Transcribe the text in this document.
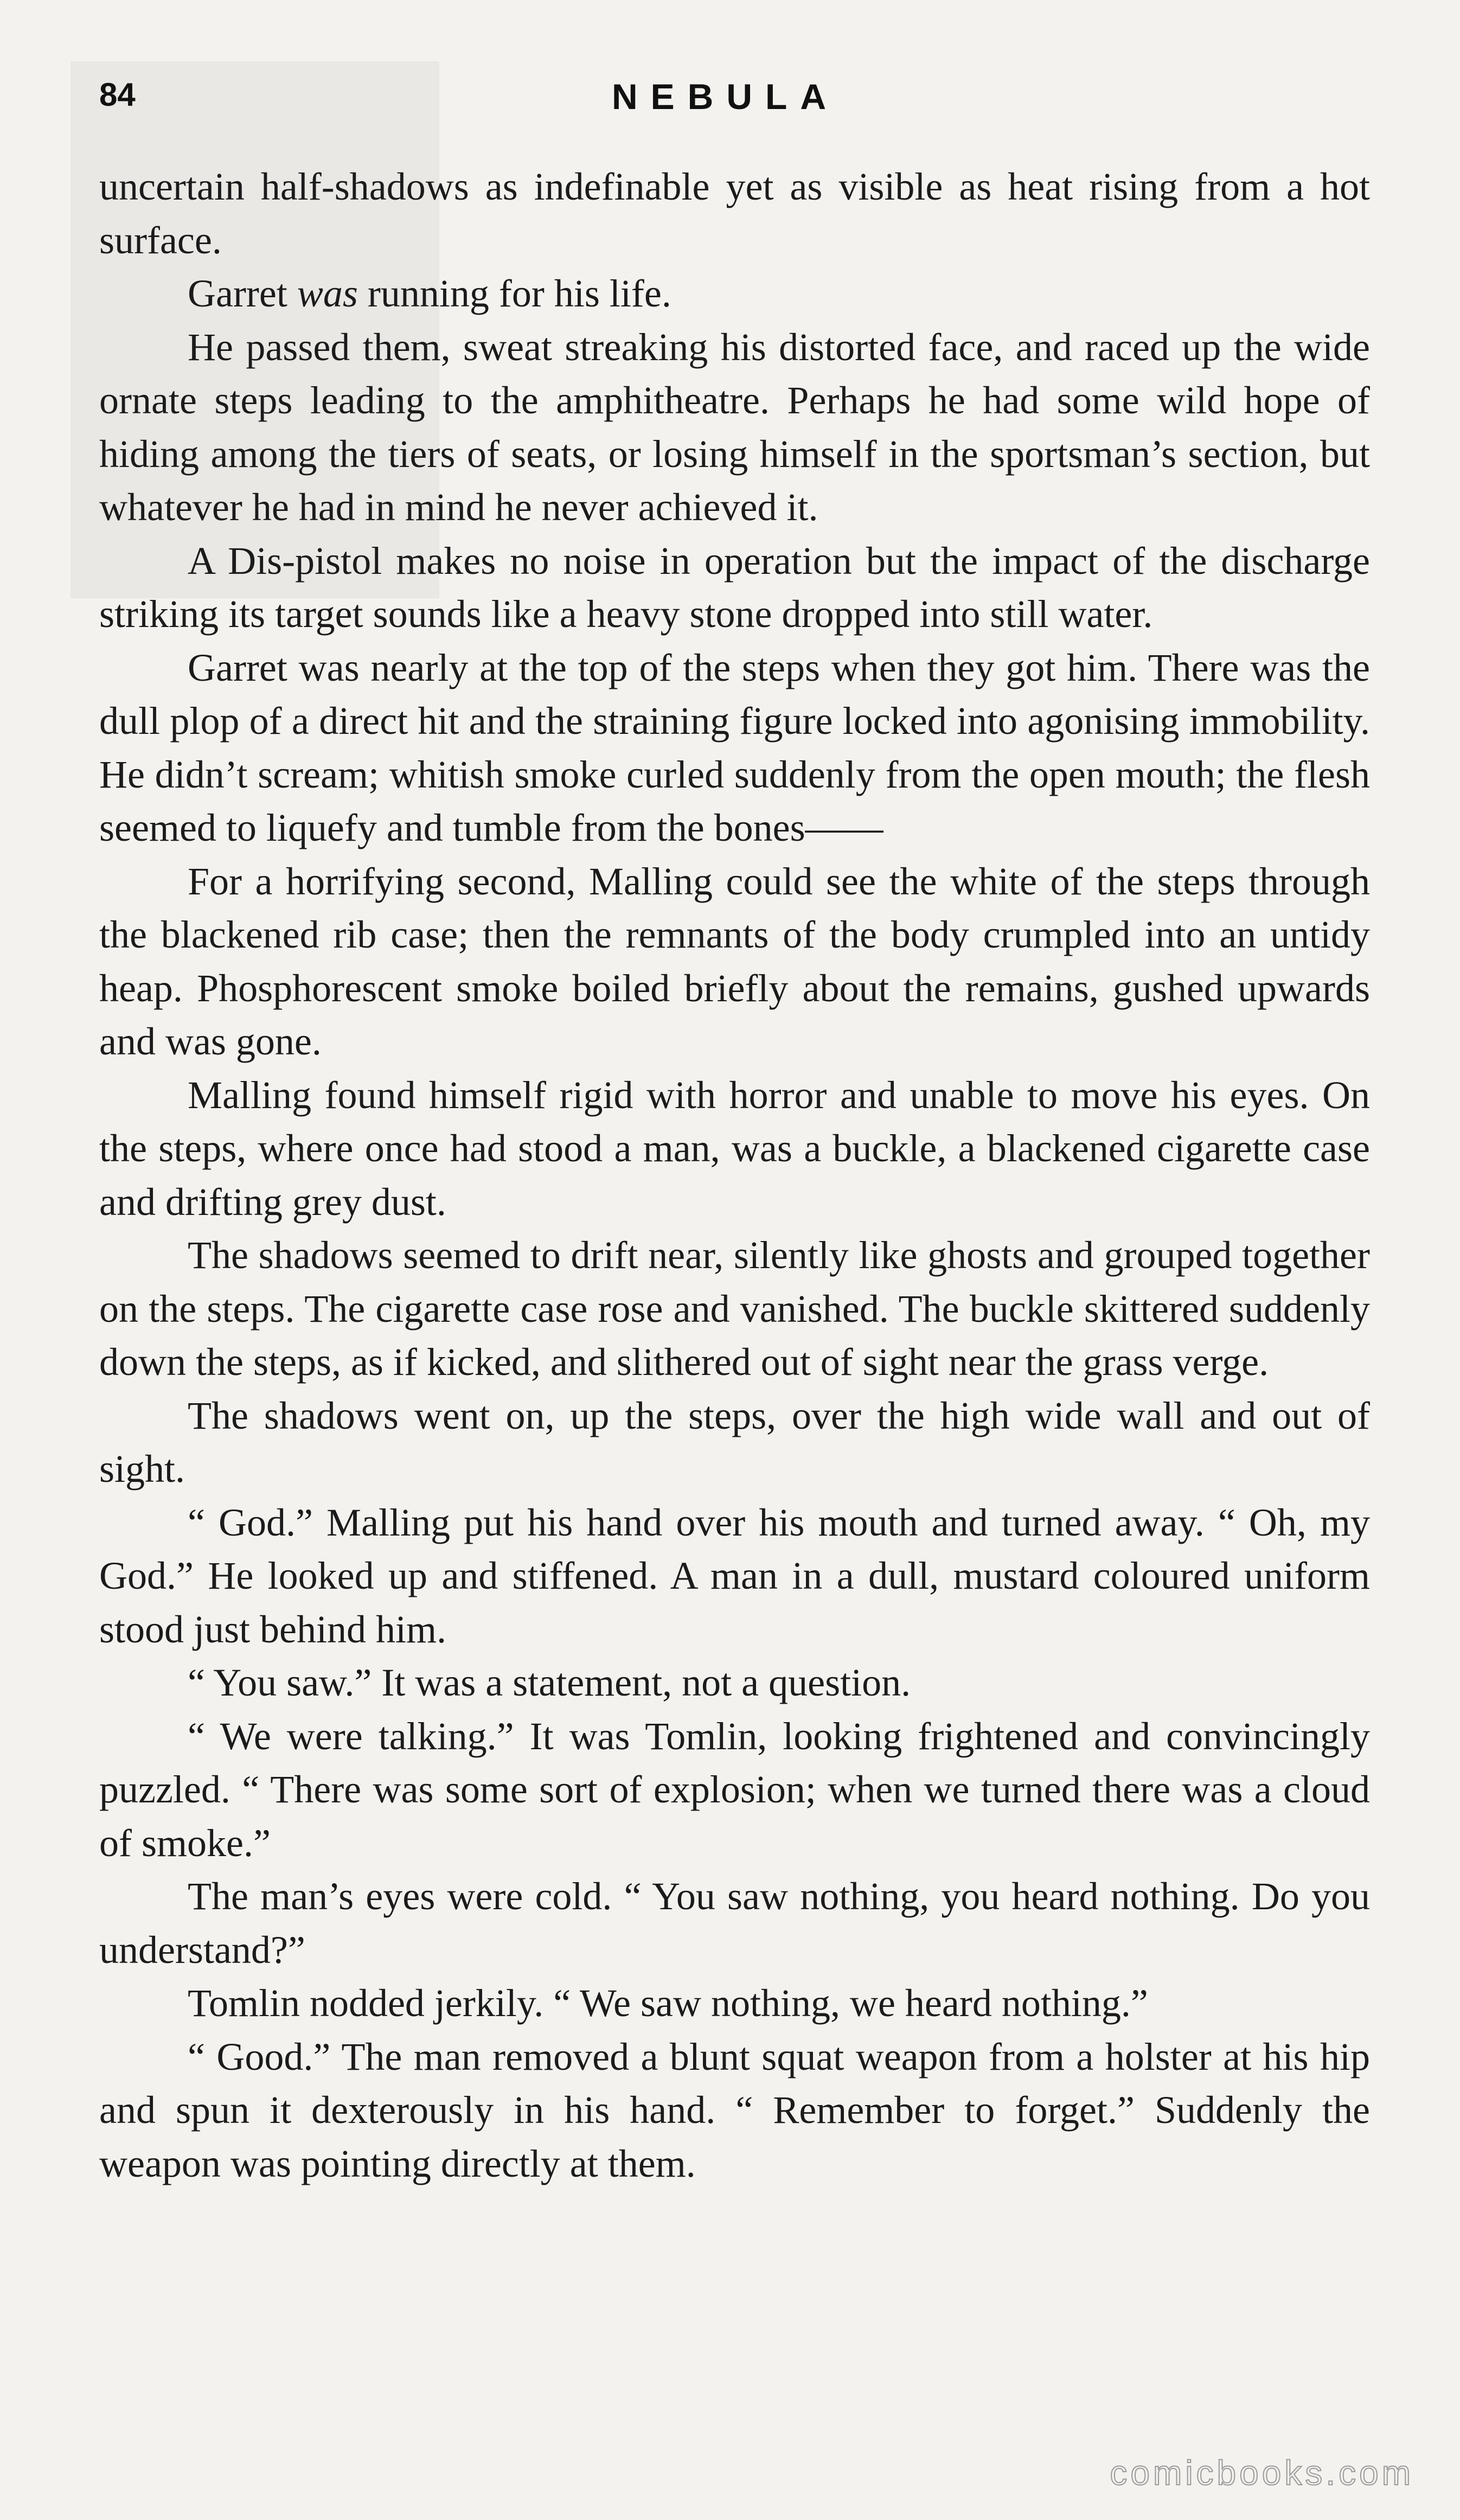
84	NEBULA

uncertain half-shadows as indefinable yet as visible as heat rising from a hot surface.

Garret was running for his life.

He passed them, sweat streaking his distorted face, and raced up the wide ornate steps leading to the amphitheatre. Perhaps he had some wild hope of hiding among the tiers of seats, or losing himself in the sportsman’s section, but whatever he had in mind he never achieved it.

A Dis-pistol makes no noise in operation but the impact of the discharge striking its target sounds like a heavy stone dropped into still water.

Garret was nearly at the top of the steps when they got him. There was the dull plop of a direct hit and the straining figure locked into agonising immobility. He didn’t scream; whitish smoke curled suddenly from the open mouth; the flesh seemed to liquefy and tumble from the bones——

For a horrifying second, Malling could see the white of the steps through the blackened rib case; then the remnants of the body crumpled into an untidy heap. Phosphorescent smoke boiled briefly about the remains, gushed upwards and was gone.

Malling found himself rigid with horror and unable to move his eyes. On the steps, where once had stood a man, was a buckle, a blackened cigarette case and drifting grey dust.

The shadows seemed to drift near, silently like ghosts and grouped together on the steps. The cigarette case rose and vanished. The buckle skittered suddenly down the steps, as if kicked, and slithered out of sight near the grass verge.

The shadows went on, up the steps, over the high wide wall and out of sight.

“ God.” Malling put his hand over his mouth and turned away. “ Oh, my God.” He looked up and stiffened. A man in a dull, mustard coloured uniform stood just behind him.

“ You saw.” It was a statement, not a question.

“ We were talking.” It was Tomlin, looking frightened and convincingly puzzled. “ There was some sort of explosion; when we turned there was a cloud of smoke.”

The man’s eyes were cold. “ You saw nothing, you heard nothing. Do you understand?”

Tomlin nodded jerkily. “ We saw nothing, we heard nothing.”

“ Good.” The man removed a blunt squat weapon from a holster at his hip and spun it dexterously in his hand. “ Remember to forget.” Suddenly the weapon was pointing directly at them.

comicbooks.com
